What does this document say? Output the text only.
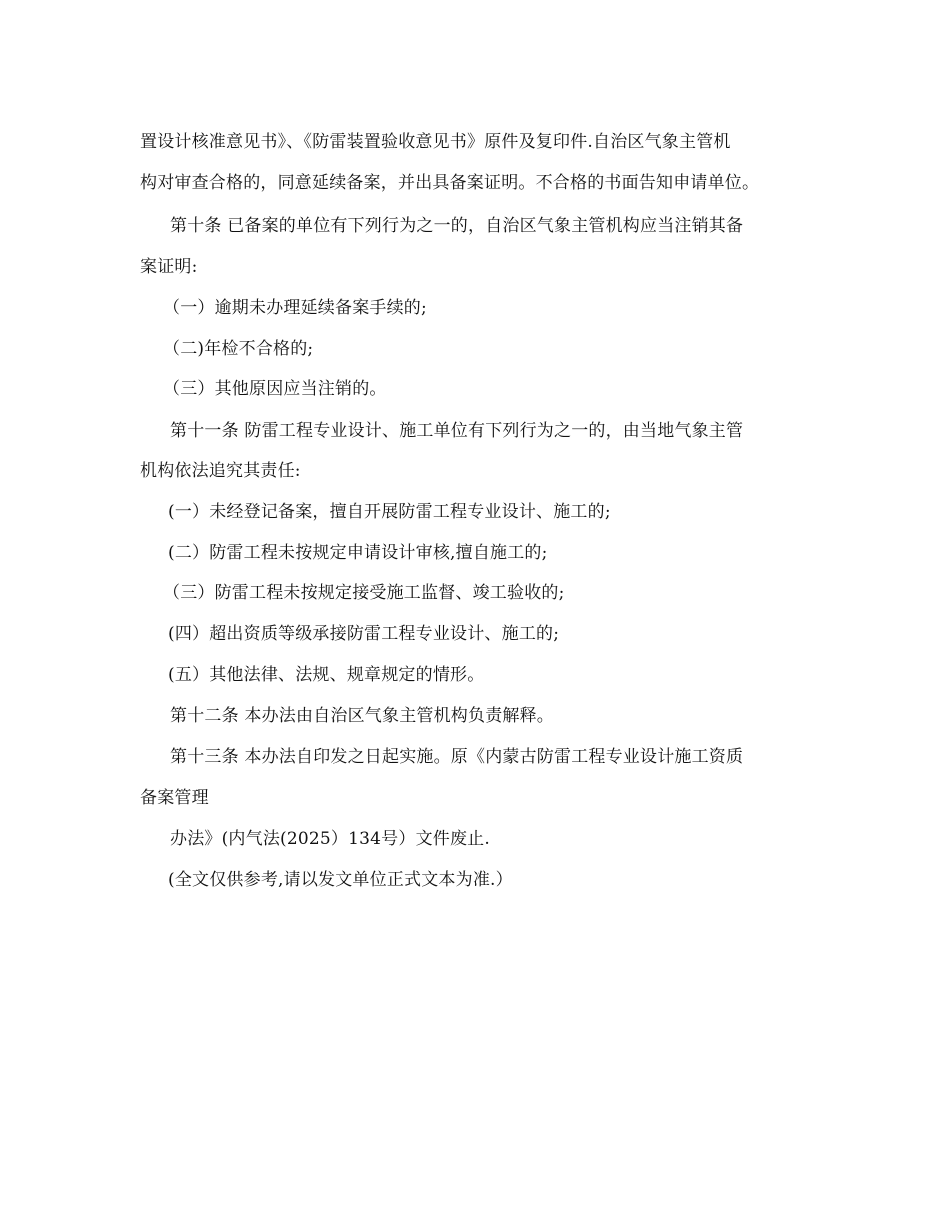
置设计核准意见书》、《防雷装置验收意见书》原件及复印件.自治区气象主管机
构对审查合格的，同意延续备案，并出具备案证明。不合格的书面告知申请单位。
第十条 已备案的单位有下列行为之一的，自治区气象主管机构应当注销其备
案证明:
（一）逾期未办理延续备案手续的;
（二)年检不合格的;
（三）其他原因应当注销的。
第十一条 防雷工程专业设计、施工单位有下列行为之一的，由当地气象主管
机构依法追究其责任:
(一）未经登记备案，擅自开展防雷工程专业设计、施工的;
(二）防雷工程未按规定申请设计审核,擅自施工的;
（三）防雷工程未按规定接受施工监督、竣工验收的;
(四）超出资质等级承接防雷工程专业设计、施工的;
(五）其他法律、法规、规章规定的情形。
第十二条 本办法由自治区气象主管机构负责解释。
第十三条 本办法自印发之日起实施。原《内蒙古防雷工程专业设计施工资质
备案管理
办法》(内气法(2025）134号）文件废止.
(全文仅供参考,请以发文单位正式文本为准.）
